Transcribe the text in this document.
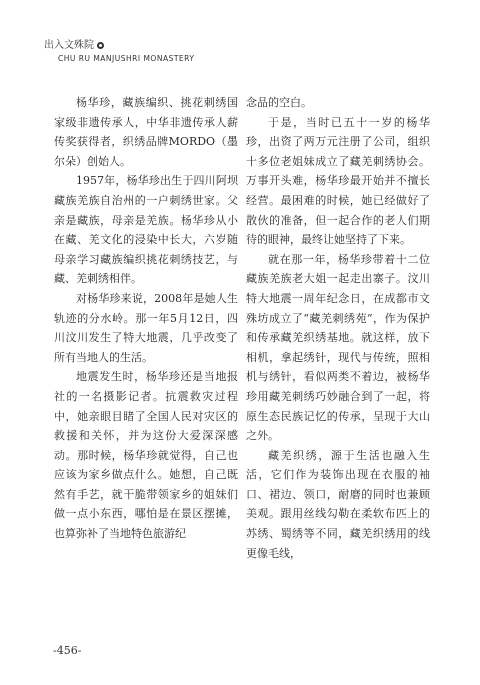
出入文殊院
CHU RU MANJUSHRI MONASTERY

杨华珍，藏族编织、挑花刺绣国家级非遗传承人，中华非遗传承人薪传奖获得者，织绣品牌MORDO（墨尔朵）创始人。

1957年，杨华珍出生于四川阿坝藏族羌族自治州的一户刺绣世家。父亲是藏族，母亲是羌族。杨华珍从小在藏、羌文化的浸染中长大，六岁随母亲学习藏族编织挑花刺绣技艺，与藏、羌刺绣相伴。

对杨华珍来说，2008年是她人生轨迹的分水岭。那一年5月12日，四川汶川发生了特大地震，几乎改变了所有当地人的生活。

地震发生时，杨华珍还是当地报社的一名摄影记者。抗震救灾过程中，她亲眼目睹了全国人民对灾区的救援和关怀，并为这份大爱深深感动。那时候，杨华珍就觉得，自己也应该为家乡做点什么。她想，自己既然有手艺，就干脆带领家乡的姐妹们做一点小东西，哪怕是在景区摆摊，也算弥补了当地特色旅游纪

念品的空白。

于是，当时已五十一岁的杨华珍，出资了两万元注册了公司，组织十多位老姐妹成立了藏羌刺绣协会。万事开头难，杨华珍最开始并不擅长经营。最困难的时候，她已经做好了散伙的准备，但一起合作的老人们期待的眼神，最终让她坚持了下来。

就在那一年，杨华珍带着十二位藏族羌族老大姐一起走出寨子。汶川特大地震一周年纪念日，在成都市文殊坊成立了“藏羌刺绣苑”，作为保护和传承藏羌织绣基地。就这样，放下相机，拿起绣针，现代与传统，照相机与绣针，看似两类不着边，被杨华珍用藏羌刺绣巧妙融合到了一起，将原生态民族记忆的传承，呈现于大山之外。

藏羌织绣，源于生活也融入生活，它们作为装饰出现在衣服的袖口、裙边、领口，耐磨的同时也兼顾美观。跟用丝线勾勒在柔软布匹上的苏绣、蜀绣等不同，藏羌织绣用的线更像毛线，

-456-
